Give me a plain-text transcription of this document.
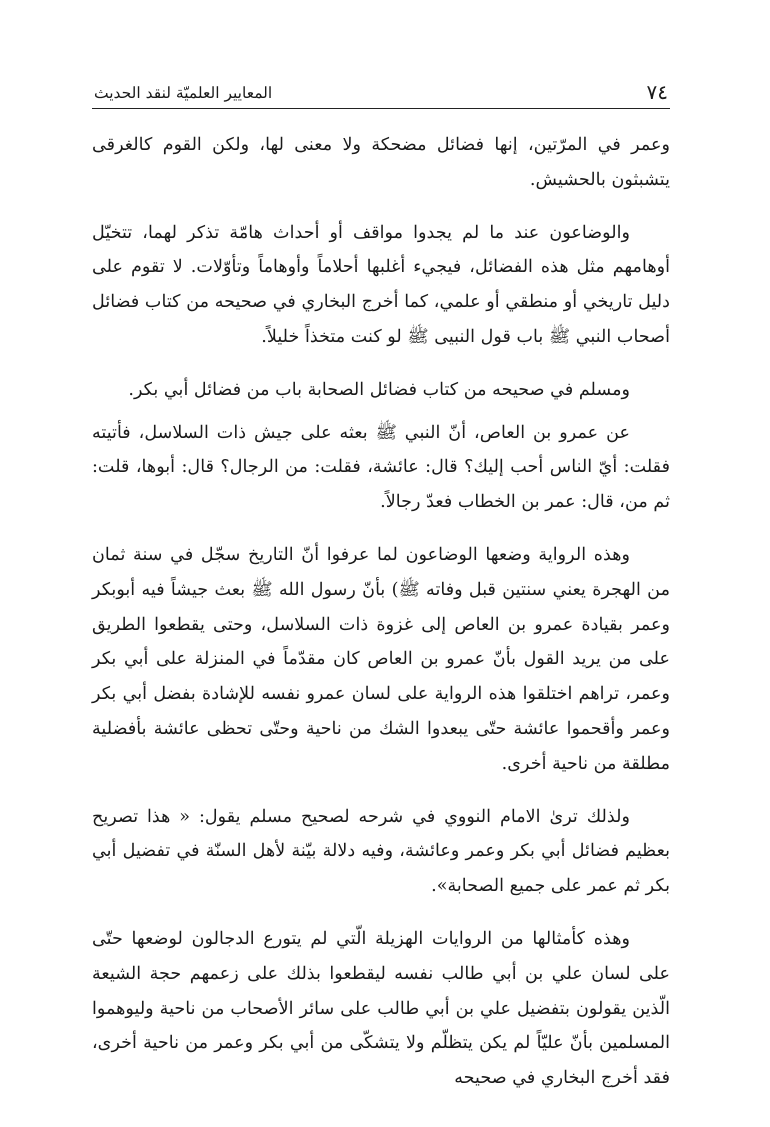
٧٤
المعايير العلميّة لنقد الحديث

وعمر في المرّتين، إنها فضائل مضحكة ولا معنى لها، ولكن القوم كالغرقى يتشبثون بالحشيش.

والوضاعون عند ما لم يجدوا مواقف أو أحداث هامّة تذكر لهما، تتخيّل أوهامهم مثل هذه الفضائل، فيجيء أغلبها أحلاماً وأوهاماً وتأوّلات. لا تقوم على دليل تاريخي أو منطقي أو علمي، كما أخرج البخاري في صحيحه من كتاب فضائل أصحاب النبي ﷺ باب قول النبيى ﷺ لو كنت متخذاً خليلاً.

ومسلم في صحيحه من كتاب فضائل الصحابة باب من فضائل أبي بكر.

عن عمرو بن العاص، أنّ النبي ﷺ بعثه على جيش ذات السلاسل، فأتيته فقلت: أيّ الناس أحب إليك؟ قال: عائشة، فقلت: من الرجال؟ قال: أبوها، قلت: ثم من، قال: عمر بن الخطاب فعدّ رجالاً.

وهذه الرواية وضعها الوضاعون لما عرفوا أنّ التاريخ سجّل في سنة ثمان من الهجرة يعني سنتين قبل وفاته ﷺ) بأنّ رسول الله ﷺ بعث جيشاً فيه أبوبكر وعمر بقيادة عمرو بن العاص إلى غزوة ذات السلاسل، وحتى يقطعوا الطريق على من يريد القول بأنّ عمرو بن العاص كان مقدّماً في المنزلة على أبي بكر وعمر، تراهم اختلقوا هذه الرواية على لسان عمرو نفسه للإشادة بفضل أبي بكر وعمر وأقحموا عائشة حتّى يبعدوا الشك من ناحية وحتّى تحظى عائشة بأفضلية مطلقة من ناحية أخرى.

ولذلك ترىٰ الامام النووي في شرحه لصحيح مسلم يقول: « هذا تصريح بعظيم فضائل أبي بكر وعمر وعائشة، وفيه دلالة بيّنة لأهل السنّة في تفضيل أبي بكر ثم عمر على جميع الصحابة».

وهذه كأمثالها من الروايات الهزيلة الّتي لم يتورع الدجالون لوضعها حتّى على لسان علي بن أبي طالب نفسه ليقطعوا بذلك على زعمهم حجة الشيعة الّذين يقولون بتفضيل علي بن أبي طالب على سائر الأصحاب من ناحية وليوهموا المسلمين بأنّ عليّاً لم يكن يتظلّم ولا يتشكّى من أبي بكر وعمر من ناحية أخرى، فقد أخرج البخاري في صحيحه
